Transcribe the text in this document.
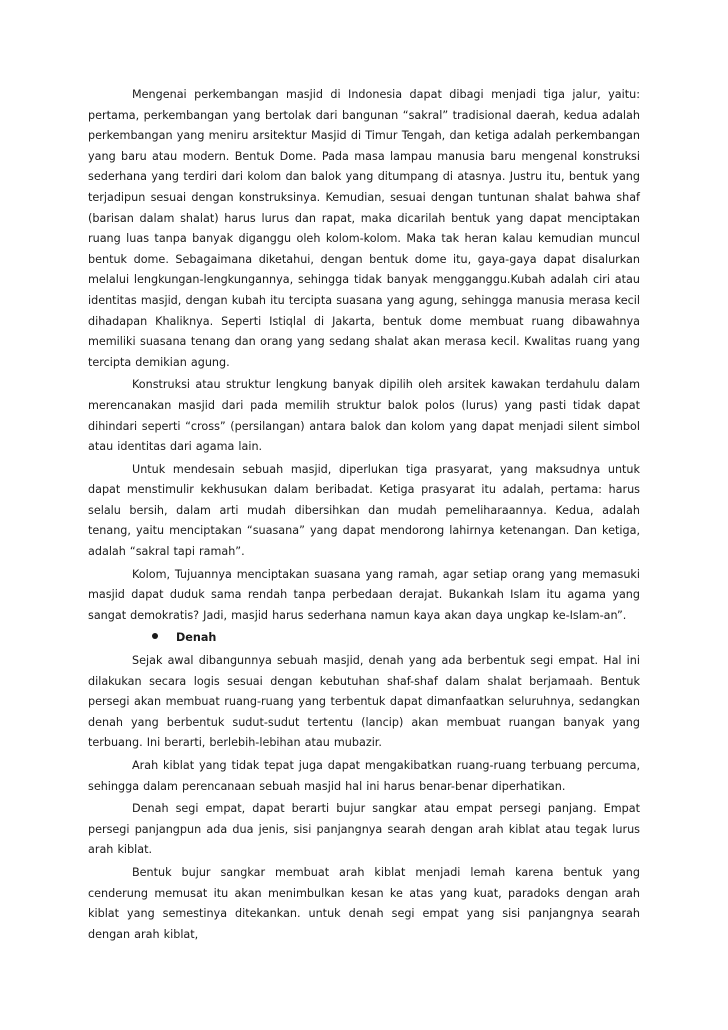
Mengenai perkembangan masjid di Indonesia dapat dibagi menjadi tiga jalur, yaitu: pertama, perkembangan yang bertolak dari bangunan “sakral” tradisional daerah, kedua adalah perkembangan yang meniru arsitektur Masjid di Timur Tengah, dan ketiga adalah perkembangan yang baru atau modern. Bentuk Dome. Pada masa lampau manusia baru mengenal konstruksi sederhana yang terdiri dari kolom dan balok yang ditumpang di atasnya. Justru itu, bentuk yang terjadipun sesuai dengan konstruksinya. Kemudian, sesuai dengan tuntunan shalat bahwa shaf (barisan dalam shalat) harus lurus dan rapat, maka dicarilah bentuk yang dapat menciptakan ruang luas tanpa banyak diganggu oleh kolom-kolom. Maka tak heran kalau kemudian muncul bentuk dome. Sebagaimana diketahui, dengan bentuk dome itu, gaya-gaya dapat disalurkan melalui lengkungan-lengkungannya, sehingga tidak banyak mengganggu.Kubah adalah ciri atau identitas masjid, dengan kubah itu tercipta suasana yang agung, sehingga manusia merasa kecil dihadapan Khaliknya. Seperti Istiqlal di Jakarta, bentuk dome membuat ruang dibawahnya memiliki suasana tenang dan orang yang sedang shalat akan merasa kecil. Kwalitas ruang yang tercipta demikian agung.

Konstruksi atau struktur lengkung banyak dipilih oleh arsitek kawakan terdahulu dalam merencanakan masjid dari pada memilih struktur balok polos (lurus) yang pasti tidak dapat dihindari seperti “cross” (persilangan) antara balok dan kolom yang dapat menjadi silent simbol atau identitas dari agama lain.

Untuk mendesain sebuah masjid, diperlukan tiga prasyarat, yang maksudnya untuk dapat menstimulir kekhusukan dalam beribadat. Ketiga prasyarat itu adalah, pertama: harus selalu bersih, dalam arti mudah dibersihkan dan mudah pemeliharaannya. Kedua, adalah tenang, yaitu menciptakan “suasana” yang dapat mendorong lahirnya ketenangan. Dan ketiga, adalah “sakral tapi ramah”.

Kolom, Tujuannya menciptakan suasana yang ramah, agar setiap orang yang memasuki masjid dapat duduk sama rendah tanpa perbedaan derajat. Bukankah Islam itu agama yang sangat demokratis? Jadi, masjid harus sederhana namun kaya akan daya ungkap ke-Islam-an”.

Denah

Sejak awal dibangunnya sebuah masjid, denah yang ada berbentuk segi empat. Hal ini dilakukan secara logis sesuai dengan kebutuhan shaf-shaf dalam shalat berjamaah. Bentuk persegi akan membuat ruang-ruang yang terbentuk dapat dimanfaatkan seluruhnya, sedangkan denah yang berbentuk sudut-sudut tertentu (lancip) akan membuat ruangan banyak yang terbuang. Ini berarti, berlebih-lebihan atau mubazir.

Arah kiblat yang tidak tepat juga dapat mengakibatkan ruang-ruang terbuang percuma, sehingga dalam perencanaan sebuah masjid hal ini harus benar-benar diperhatikan.

Denah segi empat, dapat berarti bujur sangkar atau empat persegi panjang. Empat persegi panjangpun ada dua jenis, sisi panjangnya searah dengan arah kiblat atau tegak lurus arah kiblat.

Bentuk bujur sangkar membuat arah kiblat menjadi lemah karena bentuk yang cenderung memusat itu akan menimbulkan kesan ke atas yang kuat, paradoks dengan arah kiblat yang semestinya ditekankan. untuk denah segi empat yang sisi panjangnya searah dengan arah kiblat,
